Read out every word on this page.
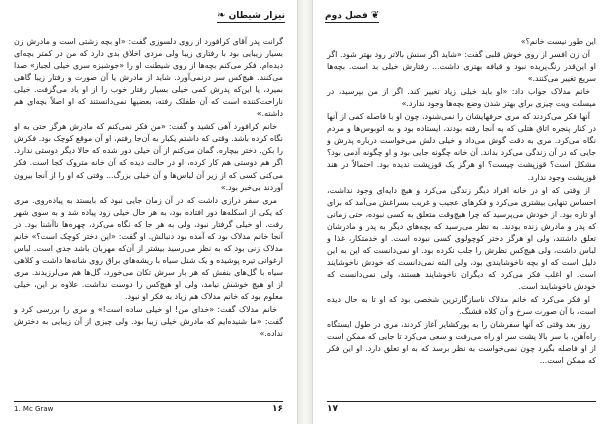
❧ نیزار شیطان

گرانت پدر آقای کرافورد از روی دلسوزی گفت: «او بچه زشتی است و مادرش زن بسیار زیبایی بود با رفتاری زیبا ولی مردی اخلاق بدی دارد که من در کمتر بچه‌ای دیده‌ام. فکر می‌کنم بچه‌ها از روی شیطنت او را «جوشیزه سری خیلی لجباز» صدا می‌کنند. هیچ‌کس سر درنمی‌آورد. شاید از مادرش یا آن صورت و رفتار زیبا گاهی بمیرد، یا این‌که پدرش کمی خیلی بسیار رفتار خوب را از او یاد می‌گرفت. خیلی ناراحت‌کننده است که آن طفلک رفته، بعضیها نمی‌دانستند که او اصلاً بچه‌ای هم داشته.»

خانم کرافورد آهی کشید و گفت: «من فکر نمی‌کنم که مادرش هرگز حتی به او نگاه کرده باشد. وقتی که داشتم یکبار به آن‌جا رفتم، او آن موقع کوچک بود. فکرش را بکن. دختر بیچاره. گمان می‌کنم از آن خیلی دور شده که حالا دیگر دوستی ندارد. اگر هم دوستی هم کار کرده، او در حالت دیده که آن خانه متروک کجا است. فکر می‌کنی کسی که از زیر آن لباس‌ها و آن خیلی بزرگ... وقتی که او را از آنجا بیرون آوردند بی‌خبر بود.»

مری سفر درازی داشت که در آن زمان جایی نبود که بایستد به پیاده‌روی. مری که یکی از اسکله‌ها دور افتاده بود، به هر حال خیلی زود پیاده شد و به سوی شهر رفت. او خیلی گرفتار نبود، ولی به هر جا که نگاه می‌کرد، چهره‌ها ناآشنا بود. در آنجا خانم مدلاک بود که آمده بود دنبالش. او گفت: «این دختر کوچک است؟» خانم مدلاک زنی بود که به نظر می‌رسید بیشتر از آن‌که مهربان باشد جدی است. لباس ارغوانی تیره پوشیده و یک شنل سیاه با ریشه‌های براق روی شانه‌ها داشت و کلاهی سیاه با گل‌های بنفش که هر بار سرش تکان می‌خورد، گل‌ها هم می‌لرزیدند. مری از او هیچ خوشش نیامد، ولی او هیچ‌کس را دوست نداشت. علاوه بر این، خیلی معلوم بود که خانم مدلاک هم زیاد به فکر او نبود.

خانم مدلاک گفت: «خدای من! او خیلی ساده است!» و مری را بررسی کرد و گفت: «ما شنیده‌ایم که مادرش خیلی زیبا بود. ولی چیزی از آن زیبایی به دخترش نداده.»

1. Mc Graw	۱۶
فصل دوم ❦

این طور نیست خانم؟»

آن زن افسر از روی خوش قلبی گفت: «شاید اگر سنش بالاتر رود بهتر شود. اگر او این‌قدر رنگ‌پریده نبود و قیافه بهتری داشت... رفتارش خیلی بد است. بچه‌ها سریع تغییر می‌کنند.»

خانم مدلاک جواب داد: «او باید خیلی زیاد تغییر کند. اگر از من بپرسید، در میسلت ویت چیزی برای بهتر شدن وضع بچه‌ها وجود ندارد.»

آنها فکر می‌کردند که مری حرفهایشان را نمی‌شنود، چون او با فاصله کمی از آنها در کنار پنجره اتاق هتلی که به آنجا رفته بودند، ایستاده بود و به اتوبوس‌ها و مردم نگاه می‌کرد. مری به دقت گوش می‌داد و خیلی دلش می‌خواست درباره پدرش و جایی که در آن زندگی می‌کرد بداند. آن خانه چگونه جایی بود و او چگونه آدمی بود؟ مشکل است؟ قوزپشت چیست؟ او هرگز یک قوزپشت ندیده بود. احتمالاً در هند قوزپشت وجود ندارد.

از وقتی که او در خانه افراد دیگر زندگی می‌کرد و هیچ دایه‌ای وجود نداشت، احساس تنهایی بیشتری می‌کرد و فکرهای عجیب و غریب بسراغش می‌آمد که برای او تازه بود. از خودش می‌پرسید که چرا هیچ‌وقت متعلق به کسی نبوده، حتی زمانی که پدر و مادرش زنده بودند. به نظر می‌رسید که بچه‌های دیگر به پدر و مادرشان تعلق داشتند، ولی او هرگز دختر کوچولوی کسی نبوده است. او خدمتکار، غذا و لباس داشت، ولی هیچ‌کس نظرش را جلب نکرده بود. او نمی‌دانست که این به این دلیل است که او بچه ناخوشایندی بود، ولی البته نمی‌دانست که خودش ناخوشایند است. او اغلب فکر می‌کرد که دیگران ناخوشایند هستند، ولی نمی‌دانست که خودش ناخوشایند است.

او فکر می‌کرد که خانم مدلاک ناسازگارترین شخصی بود که او تا به حال دیده است، با آن صورت سرخ و آن کلاه قشنگ.

روز بعد وقتی که آنها سفرشان را به یورکشایر آغاز کردند، مری در طول ایستگاه راه‌آهن، با سر بالا پشت سر او راه می‌رفت و سعی می‌کرد تا جایی که ممکن است از او فاصله بگیرد چون نمی‌خواست به نظر برسد که به او تعلق دارد. او این فکر که ممکن است...

۱۷
